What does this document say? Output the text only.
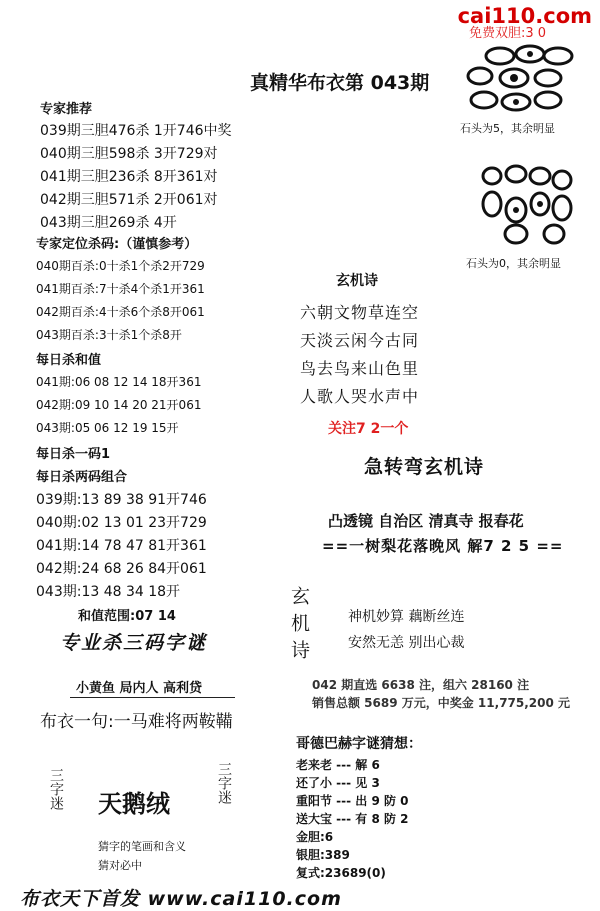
cai110.com
免费双胆:3 0
真精华布衣第 043期
专家推荐
039期三胆476杀 1开746中奖
040期三胆598杀 3开729对
041期三胆236杀 8开361对
042期三胆571杀 2开061对
043期三胆269杀 4开
专家定位杀码:（谨慎参考）
040期百杀:0十杀1个杀2开729
041期百杀:7十杀4个杀1开361
042期百杀:4十杀6个杀8开061
043期百杀:3十杀1个杀8开
每日杀和值
041期:06 08 12 14 18开361
042期:09 10 14 20 21开061
043期:05 06 12 19 15开
每日杀一码1
每日杀两码组合
039期:13 89 38 91开746
040期:02 13 01 23开729
041期:14 78 47 81开361
042期:24 68 26 84开061
043期:13 48 34 18开
和值范围:07 14
专业杀三码字谜
小黄鱼 局内人 高利贷
布衣一句:一马难将两鞍鞴
三字迷 天鹅绒	三字迷
猜字的笔画和含义
猜对必中
石头为5，其余明显
石头为0，其余明显
玄机诗
六朝文物草连空
天淡云闲今古同
鸟去鸟来山色里
人歌人哭水声中
关注7 2一个
急转弯玄机诗
凸透镜 自治区 清真寺 报春花
==一树梨花落晚风 解7 2 5 ==
玄机诗	神机妙算 藕断丝连
安然无恙 别出心裁
042 期直选 6638 注，组六 28160 注
销售总额 5689 万元，中奖金 11,775,200 元
哥德巴赫字谜猜想：
老来老 --- 解 6
还了小 --- 见 3
重阳节 --- 出 9 防 0
送大宝 --- 有 8 防 2
金胆:6
银胆:389
复式:23689(0)
布衣天下首发 www.cai110.com
